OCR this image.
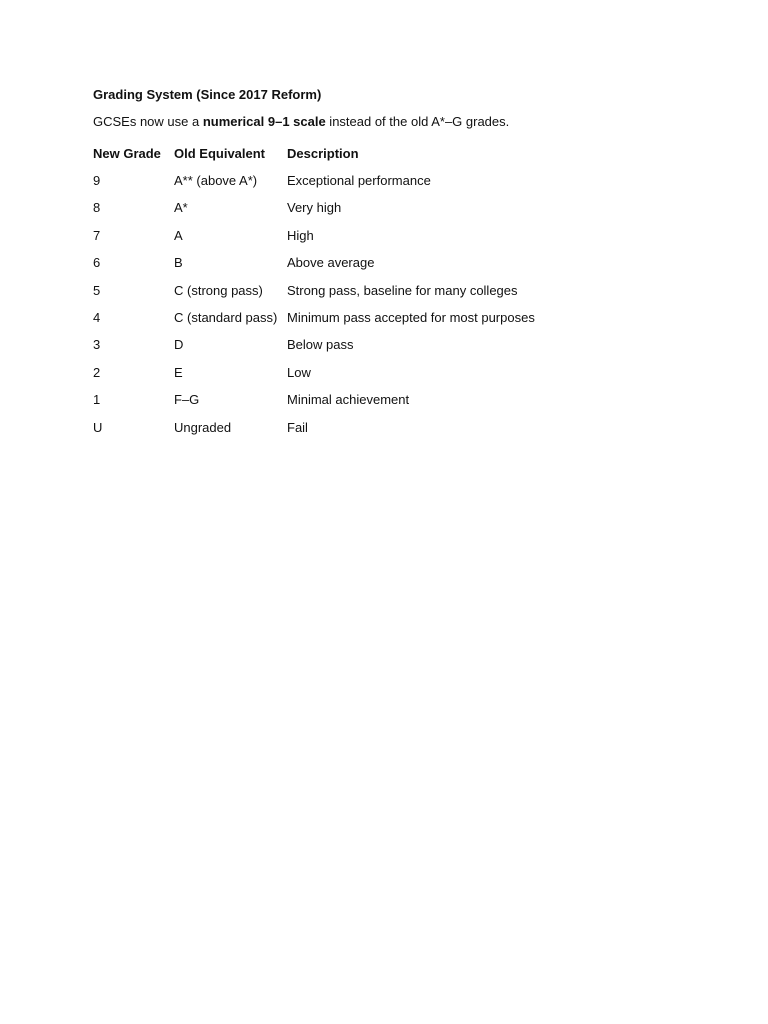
Grading System (Since 2017 Reform)

GCSEs now use a numerical 9–1 scale instead of the old A*–G grades.

New Grade	Old Equivalent	Description
9	A** (above A*)	Exceptional performance
8	A*	Very high
7	A	High
6	B	Above average
5	C (strong pass)	Strong pass, baseline for many colleges
4	C (standard pass)	Minimum pass accepted for most purposes
3	D	Below pass
2	E	Low
1	F–G	Minimal achievement
U	Ungraded	Fail
